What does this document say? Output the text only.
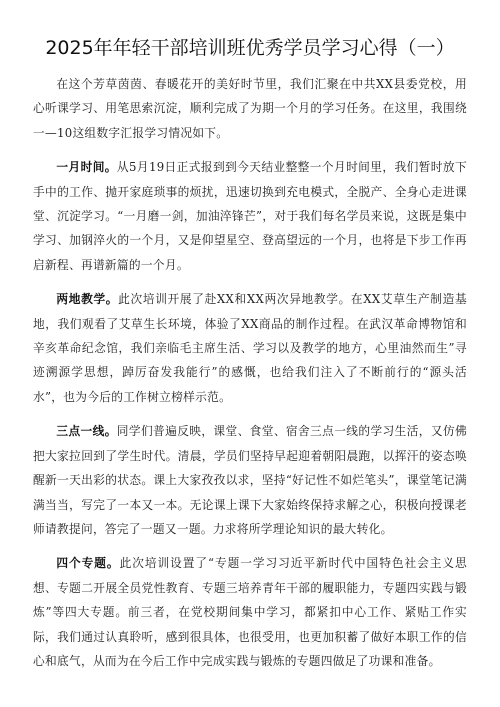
2025年年轻干部培训班优秀学员学习心得（一）

在这个芳草茵茵、春暖花开的美好时节里，我们汇聚在中共XX县委党校，用心听课学习、用笔思索沉淀，顺利完成了为期一个月的学习任务。在这里，我围绕一—10这组数字汇报学习情况如下。

一月时间。从5月19日正式报到到今天结业整整一个月时间里，我们暂时放下手中的工作、抛开家庭琐事的烦扰，迅速切换到充电模式，全脱产、全身心走进课堂、沉淀学习。“一月磨一剑，加油淬锋芒”，对于我们每名学员来说，这既是集中学习、加钢淬火的一个月，又是仰望星空、登高望远的一个月，也将是下步工作再启新程、再谱新篇的一个月。

两地教学。此次培训开展了赴XX和XX两次异地教学。在XX艾草生产制造基地，我们观看了艾草生长环境，体验了XX商品的制作过程。在武汉革命博物馆和辛亥革命纪念馆，我们亲临毛主席生活、学习以及教学的地方，心里油然而生”寻迹溯源学思想，踔厉奋发我能行”的感慨，也给我们注入了不断前行的“源头活水”，也为今后的工作树立榜样示范。

三点一线。同学们普遍反映，课堂、食堂、宿舍三点一线的学习生活，又仿佛把大家拉回到了学生时代。清晨，学员们坚持早起迎着朝阳晨跑，以挥汗的姿态唤醒新一天出彩的状态。课上大家孜孜以求，坚持“好记性不如烂笔头”，课堂笔记满满当当，写完了一本又一本。无论课上课下大家始终保持求解之心，积极向授课老师请教提问，答完了一题又一题。力求将所学理论知识的最大转化。

四个专题。此次培训设置了“专题一学习习近平新时代中国特色社会主义思想、专题二开展全员党性教育、专题三培养青年干部的履职能力，专题四实践与锻炼”等四大专题。前三者，在党校期间集中学习，都紧扣中心工作、紧贴工作实际，我们通过认真聆听，感到很具体，也很受用，也更加积蓄了做好本职工作的信心和底气，从而为在今后工作中完成实践与锻炼的专题四做足了功课和准备。
